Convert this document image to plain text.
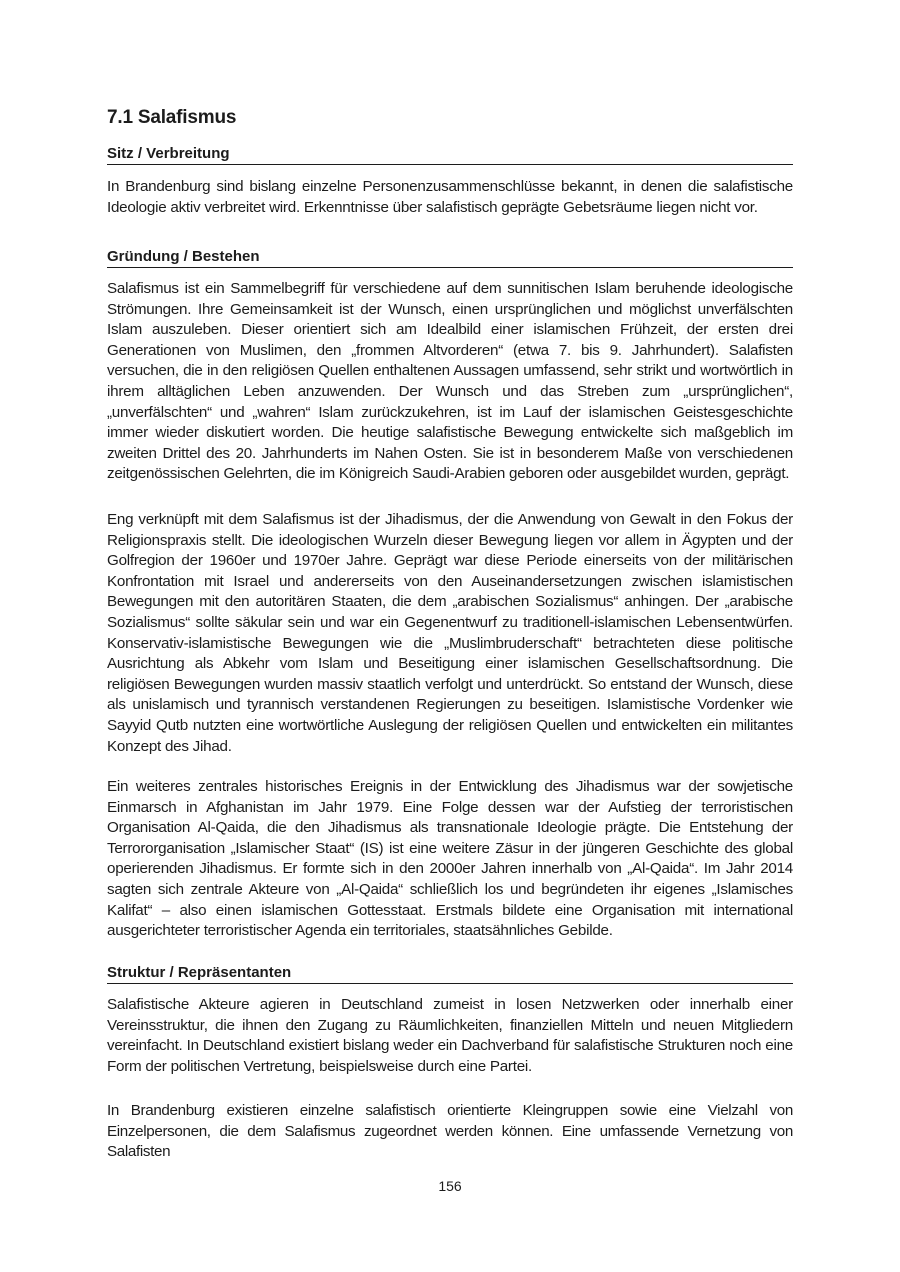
7.1 Salafismus
Sitz / Verbreitung

In Brandenburg sind bislang einzelne Personenzusammenschlüsse bekannt, in denen die salafistische Ideologie aktiv verbreitet wird. Erkenntnisse über salafistisch geprägte Gebetsräume liegen nicht vor.

Gründung / Bestehen

Salafismus ist ein Sammelbegriff für verschiedene auf dem sunnitischen Islam beruhende ideologische Strömungen. Ihre Gemeinsamkeit ist der Wunsch, einen ursprünglichen und möglichst unverfälschten Islam auszuleben. Dieser orientiert sich am Idealbild einer islamischen Frühzeit, der ersten drei Generationen von Muslimen, den „frommen Altvorderen“ (etwa 7. bis 9. Jahrhundert). Salafisten versuchen, die in den religiösen Quellen enthaltenen Aussagen umfassend, sehr strikt und wortwörtlich in ihrem alltäglichen Leben anzuwenden. Der Wunsch und das Streben zum „ursprünglichen“, „unverfälschten“ und „wahren“ Islam zurückzukehren, ist im Lauf der islamischen Geistesgeschichte immer wieder diskutiert worden. Die heutige salafistische Bewegung entwickelte sich maßgeblich im zweiten Drittel des 20. Jahrhunderts im Nahen Osten. Sie ist in besonderem Maße von verschiedenen zeitgenössischen Gelehrten, die im Königreich Saudi-Arabien geboren oder ausgebildet wurden, geprägt.

Eng verknüpft mit dem Salafismus ist der Jihadismus, der die Anwendung von Gewalt in den Fokus der Religionspraxis stellt. Die ideologischen Wurzeln dieser Bewegung liegen vor allem in Ägypten und der Golfregion der 1960er und 1970er Jahre. Geprägt war diese Periode einerseits von der militärischen Konfrontation mit Israel und andererseits von den Auseinandersetzungen zwischen islamistischen Bewegungen mit den autoritären Staaten, die dem „arabischen Sozialismus“ anhingen. Der „arabische Sozialismus“ sollte säkular sein und war ein Gegenentwurf zu traditionell-islamischen Lebensentwürfen. Konservativ-islamistische Bewegungen wie die „Muslimbruderschaft“ betrachteten diese politische Ausrichtung als Abkehr vom Islam und Beseitigung einer islamischen Gesellschaftsordnung. Die religiösen Bewegungen wurden massiv staatlich verfolgt und unterdrückt. So entstand der Wunsch, diese als unislamisch und tyrannisch verstandenen Regierungen zu beseitigen. Islamistische Vordenker wie Sayyid Qutb nutzten eine wortwörtliche Auslegung der religiösen Quellen und entwickelten ein militantes Konzept des Jihad.

Ein weiteres zentrales historisches Ereignis in der Entwicklung des Jihadismus war der sowjetische Einmarsch in Afghanistan im Jahr 1979. Eine Folge dessen war der Aufstieg der terroristischen Organisation Al-Qaida, die den Jihadismus als transnationale Ideologie prägte. Die Entstehung der Terrororganisation „Islamischer Staat“ (IS) ist eine weitere Zäsur in der jüngeren Geschichte des global operierenden Jihadismus. Er formte sich in den 2000er Jahren innerhalb von „Al-Qaida“. Im Jahr 2014 sagten sich zentrale Akteure von „Al-Qaida“ schließlich los und begründeten ihr eigenes „Islamisches Kalifat“ – also einen islamischen Gottesstaat. Erstmals bildete eine Organisation mit international ausgerichteter terroristischer Agenda ein territoriales, staatsähnliches Gebilde.

Struktur / Repräsentanten

Salafistische Akteure agieren in Deutschland zumeist in losen Netzwerken oder innerhalb einer Vereinsstruktur, die ihnen den Zugang zu Räumlichkeiten, finanziellen Mitteln und neuen Mitgliedern vereinfacht. In Deutschland existiert bislang weder ein Dachverband für salafistische Strukturen noch eine Form der politischen Vertretung, beispielsweise durch eine Partei.

In Brandenburg existieren einzelne salafistisch orientierte Kleingruppen sowie eine Vielzahl von Einzelpersonen, die dem Salafismus zugeordnet werden können. Eine umfassende Vernetzung von Salafisten

156
